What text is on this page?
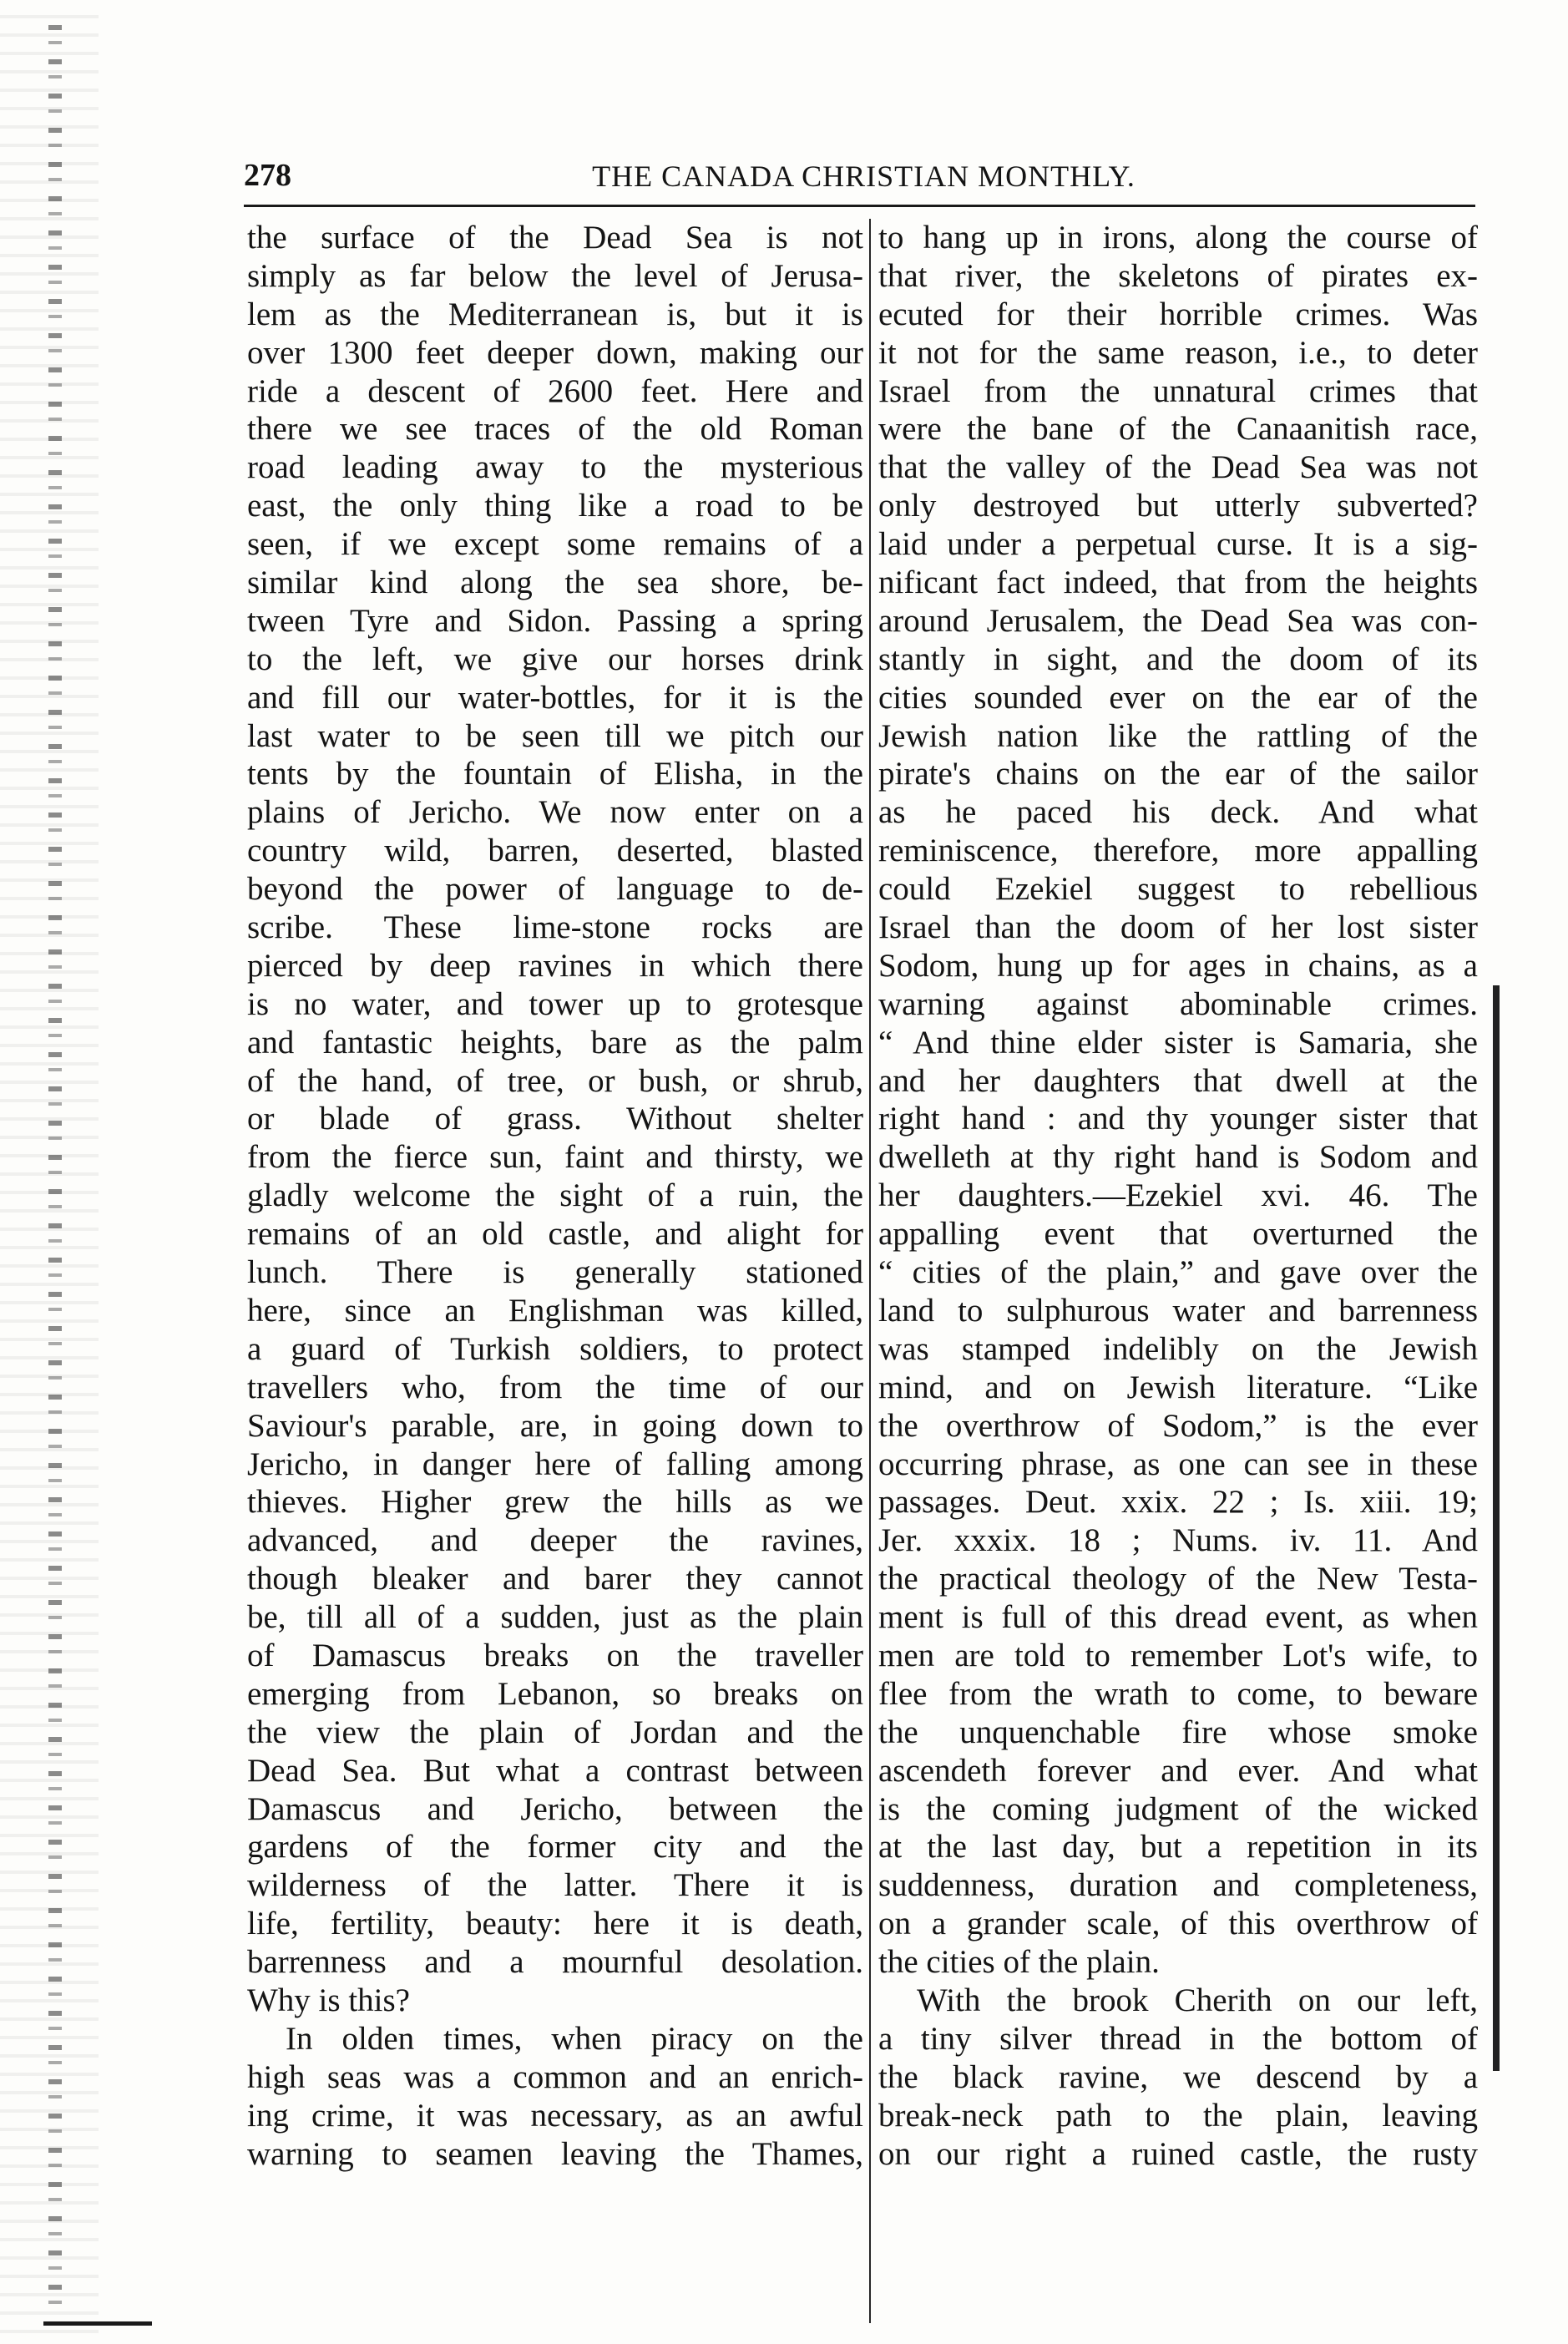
278	THE CANADA CHRISTIAN MONTHLY.
the surface of the Dead Sea is not
simply as far below the level of Jerusa-
lem as the Mediterranean is, but it is
over 1300 feet deeper down, making our
ride a descent of 2600 feet. Here and
there we see traces of the old Roman
road leading away to the mysterious
east, the only thing like a road to be
seen, if we except some remains of a
similar kind along the sea shore, be-
tween Tyre and Sidon. Passing a spring
to the left, we give our horses drink
and fill our water-bottles, for it is the
last water to be seen till we pitch our
tents by the fountain of Elisha, in the
plains of Jericho. We now enter on a
country wild, barren, deserted, blasted
beyond the power of language to de-
scribe. These lime-stone rocks are
pierced by deep ravines in which there
is no water, and tower up to grotesque
and fantastic heights, bare as the palm
of the hand, of tree, or bush, or shrub,
or blade of grass. Without shelter
from the fierce sun, faint and thirsty, we
gladly welcome the sight of a ruin, the
remains of an old castle, and alight for
lunch. There is generally stationed
here, since an Englishman was killed,
a guard of Turkish soldiers, to protect
travellers who, from the time of our
Saviour's parable, are, in going down to
Jericho, in danger here of falling among
thieves. Higher grew the hills as we
advanced, and deeper the ravines,
though bleaker and barer they cannot
be, till all of a sudden, just as the plain
of Damascus breaks on the traveller
emerging from Lebanon, so breaks on
the view the plain of Jordan and the
Dead Sea. But what a contrast between
Damascus and Jericho, between the
gardens of the former city and the
wilderness of the latter. There it is
life, fertility, beauty: here it is death,
barrenness and a mournful desolation.
Why is this?
In olden times, when piracy on the
high seas was a common and an enrich-
ing crime, it was necessary, as an awful
warning to seamen leaving the Thames,
to hang up in irons, along the course of
that river, the skeletons of pirates ex-
ecuted for their horrible crimes. Was
it not for the same reason, i.e., to deter
Israel from the unnatural crimes that
were the bane of the Canaanitish race,
that the valley of the Dead Sea was not
only destroyed but utterly subverted?
laid under a perpetual curse. It is a sig-
nificant fact indeed, that from the heights
around Jerusalem, the Dead Sea was con-
stantly in sight, and the doom of its
cities sounded ever on the ear of the
Jewish nation like the rattling of the
pirate's chains on the ear of the sailor
as he paced his deck. And what
reminiscence, therefore, more appalling
could Ezekiel suggest to rebellious
Israel than the doom of her lost sister
Sodom, hung up for ages in chains, as a
warning against abominable crimes.
“ And thine elder sister is Samaria, she
and her daughters that dwell at the
right hand : and thy younger sister that
dwelleth at thy right hand is Sodom and
her daughters.—Ezekiel xvi. 46. The
appalling event that overturned the
“ cities of the plain,” and gave over the
land to sulphurous water and barrenness
was stamped indelibly on the Jewish
mind, and on Jewish literature. “Like
the overthrow of Sodom,” is the ever
occurring phrase, as one can see in these
passages. Deut. xxix. 22 ; Is. xiii. 19;
Jer. xxxix. 18 ; Nums. iv. 11. And
the practical theology of the New Testa-
ment is full of this dread event, as when
men are told to remember Lot's wife, to
flee from the wrath to come, to beware
the unquenchable fire whose smoke
ascendeth forever and ever. And what
is the coming judgment of the wicked
at the last day, but a repetition in its
suddenness, duration and completeness,
on a grander scale, of this overthrow of
the cities of the plain.
With the brook Cherith on our left,
a tiny silver thread in the bottom of
the black ravine, we descend by a
break-neck path to the plain, leaving
on our right a ruined castle, the rusty
